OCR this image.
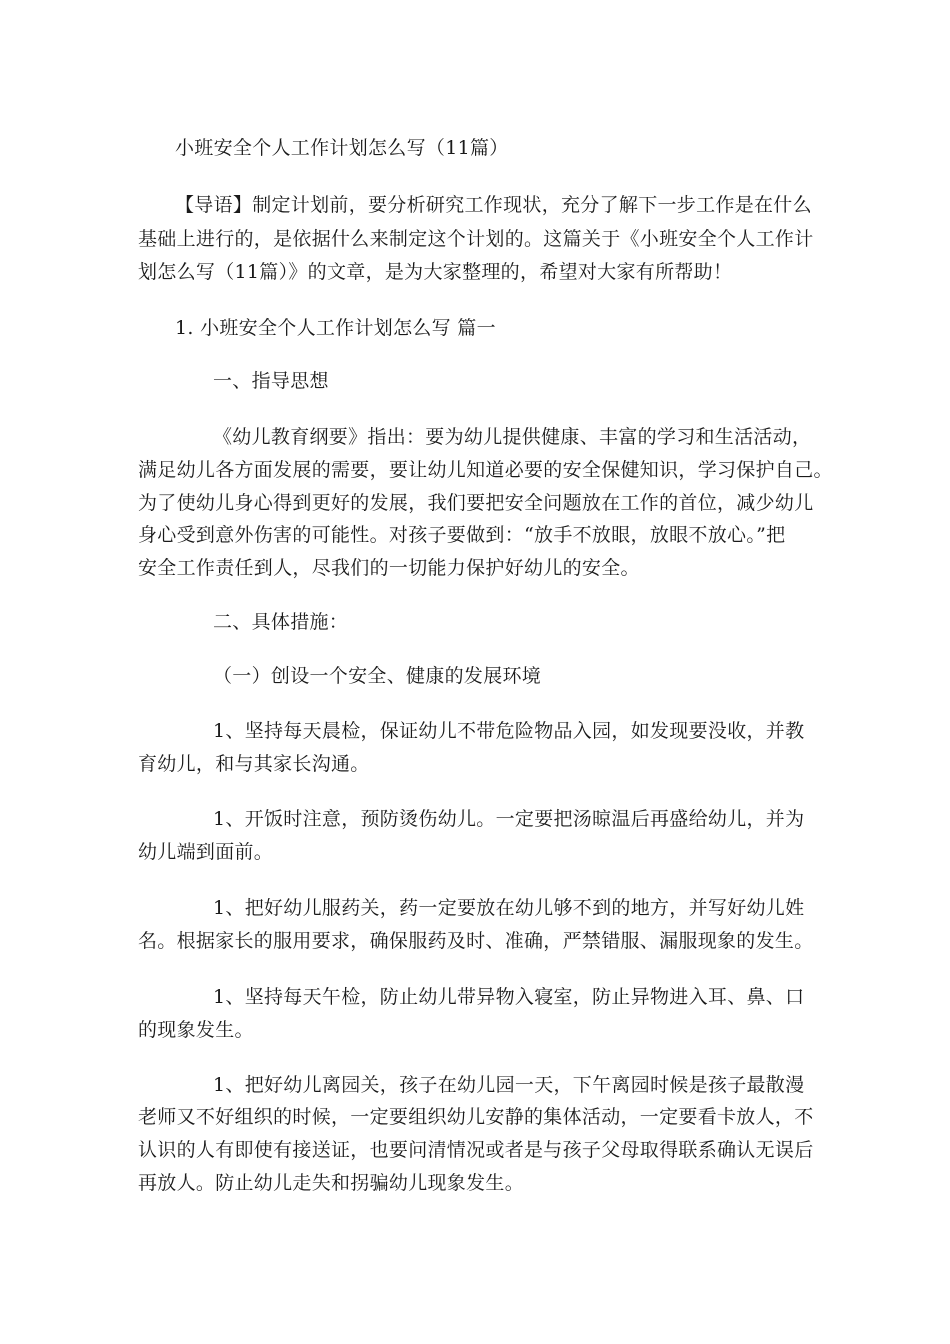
小班安全个人工作计划怎么写（11篇）
【导语】制定计划前，要分析研究工作现状，充分了解下一步工作是在什么
基础上进行的，是依据什么来制定这个计划的。这篇关于《小班安全个人工作计
划怎么写（11篇）》的文章，是为大家整理的，希望对大家有所帮助！
1. 小班安全个人工作计划怎么写 篇一
一、指导思想
《幼儿教育纲要》指出：要为幼儿提供健康、丰富的学习和生活活动，
满足幼儿各方面发展的需要，要让幼儿知道必要的安全保健知识，学习保护自己。
为了使幼儿身心得到更好的发展，我们要把安全问题放在工作的首位，减少幼儿
身心受到意外伤害的可能性。对孩子要做到：“放手不放眼，放眼不放心。”把
安全工作责任到人，尽我们的一切能力保护好幼儿的安全。
二、具体措施：
（一）创设一个安全、健康的发展环境
1、坚持每天晨检，保证幼儿不带危险物品入园，如发现要没收，并教
育幼儿，和与其家长沟通。
1、开饭时注意，预防烫伤幼儿。一定要把汤晾温后再盛给幼儿，并为
幼儿端到面前。
1、把好幼儿服药关，药一定要放在幼儿够不到的地方，并写好幼儿姓
名。根据家长的服用要求，确保服药及时、准确，严禁错服、漏服现象的发生。
1、坚持每天午检，防止幼儿带异物入寝室，防止异物进入耳、鼻、口
的现象发生。
1、把好幼儿离园关，孩子在幼儿园一天，下午离园时候是孩子最散漫
老师又不好组织的时候，一定要组织幼儿安静的集体活动，一定要看卡放人，不
认识的人有即使有接送证，也要问清情况或者是与孩子父母取得联系确认无误后
再放人。防止幼儿走失和拐骗幼儿现象发生。
